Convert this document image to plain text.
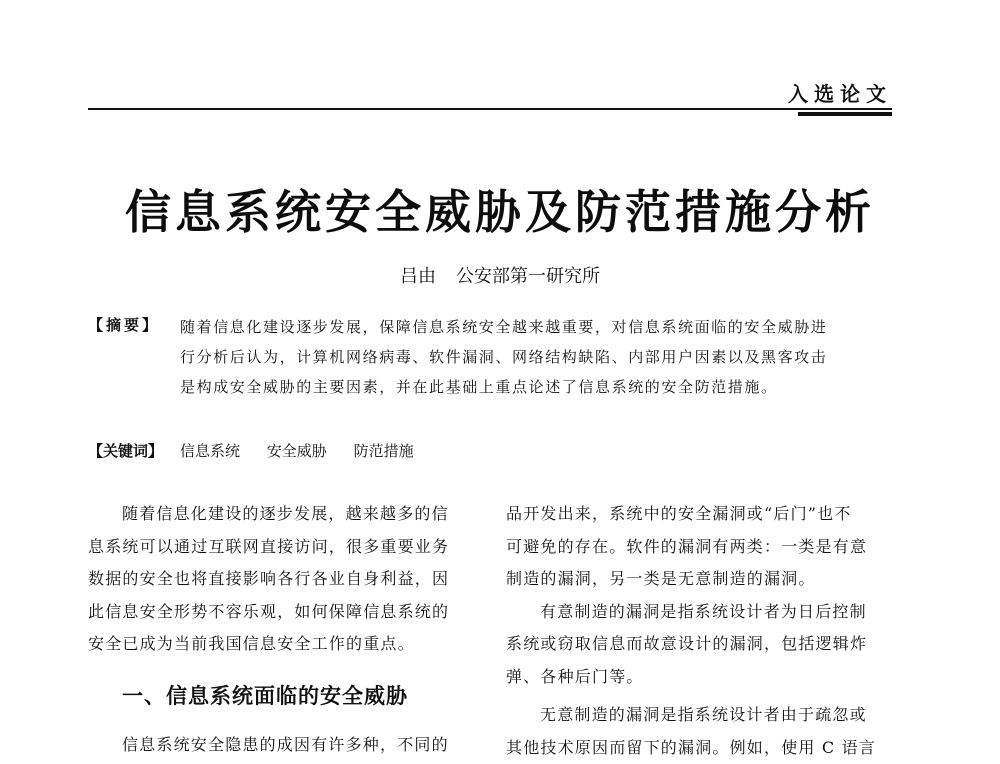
入选论文
信息系统安全威胁及防范措施分析
吕由 公安部第一研究所
【摘要】 随着信息化建设逐步发展，保障信息系统安全越来越重要，对信息系统面临的安全威胁进
行分析后认为，计算机网络病毒、软件漏洞、网络结构缺陷、内部用户因素以及黑客攻击
是构成安全威胁的主要因素，并在此基础上重点论述了信息系统的安全防范措施。
【关键词】 信息系统 安全威胁 防范措施
随着信息化建设的逐步发展，越来越多的信
息系统可以通过互联网直接访问，很多重要业务
数据的安全也将直接影响各行各业自身利益，因
此信息安全形势不容乐观，如何保障信息系统的
安全已成为当前我国信息安全工作的重点。
一、信息系统面临的安全威胁
信息系统安全隐患的成因有许多种，不同的
品开发出来，系统中的安全漏洞或“后门”也不
可避免的存在。软件的漏洞有两类：一类是有意
制造的漏洞，另一类是无意制造的漏洞。
有意制造的漏洞是指系统设计者为日后控制
系统或窃取信息而故意设计的漏洞，包括逻辑炸
弹、各种后门等。
无意制造的漏洞是指系统设计者由于疏忽或
其他技术原因而留下的漏洞。例如，使用 C 语言
